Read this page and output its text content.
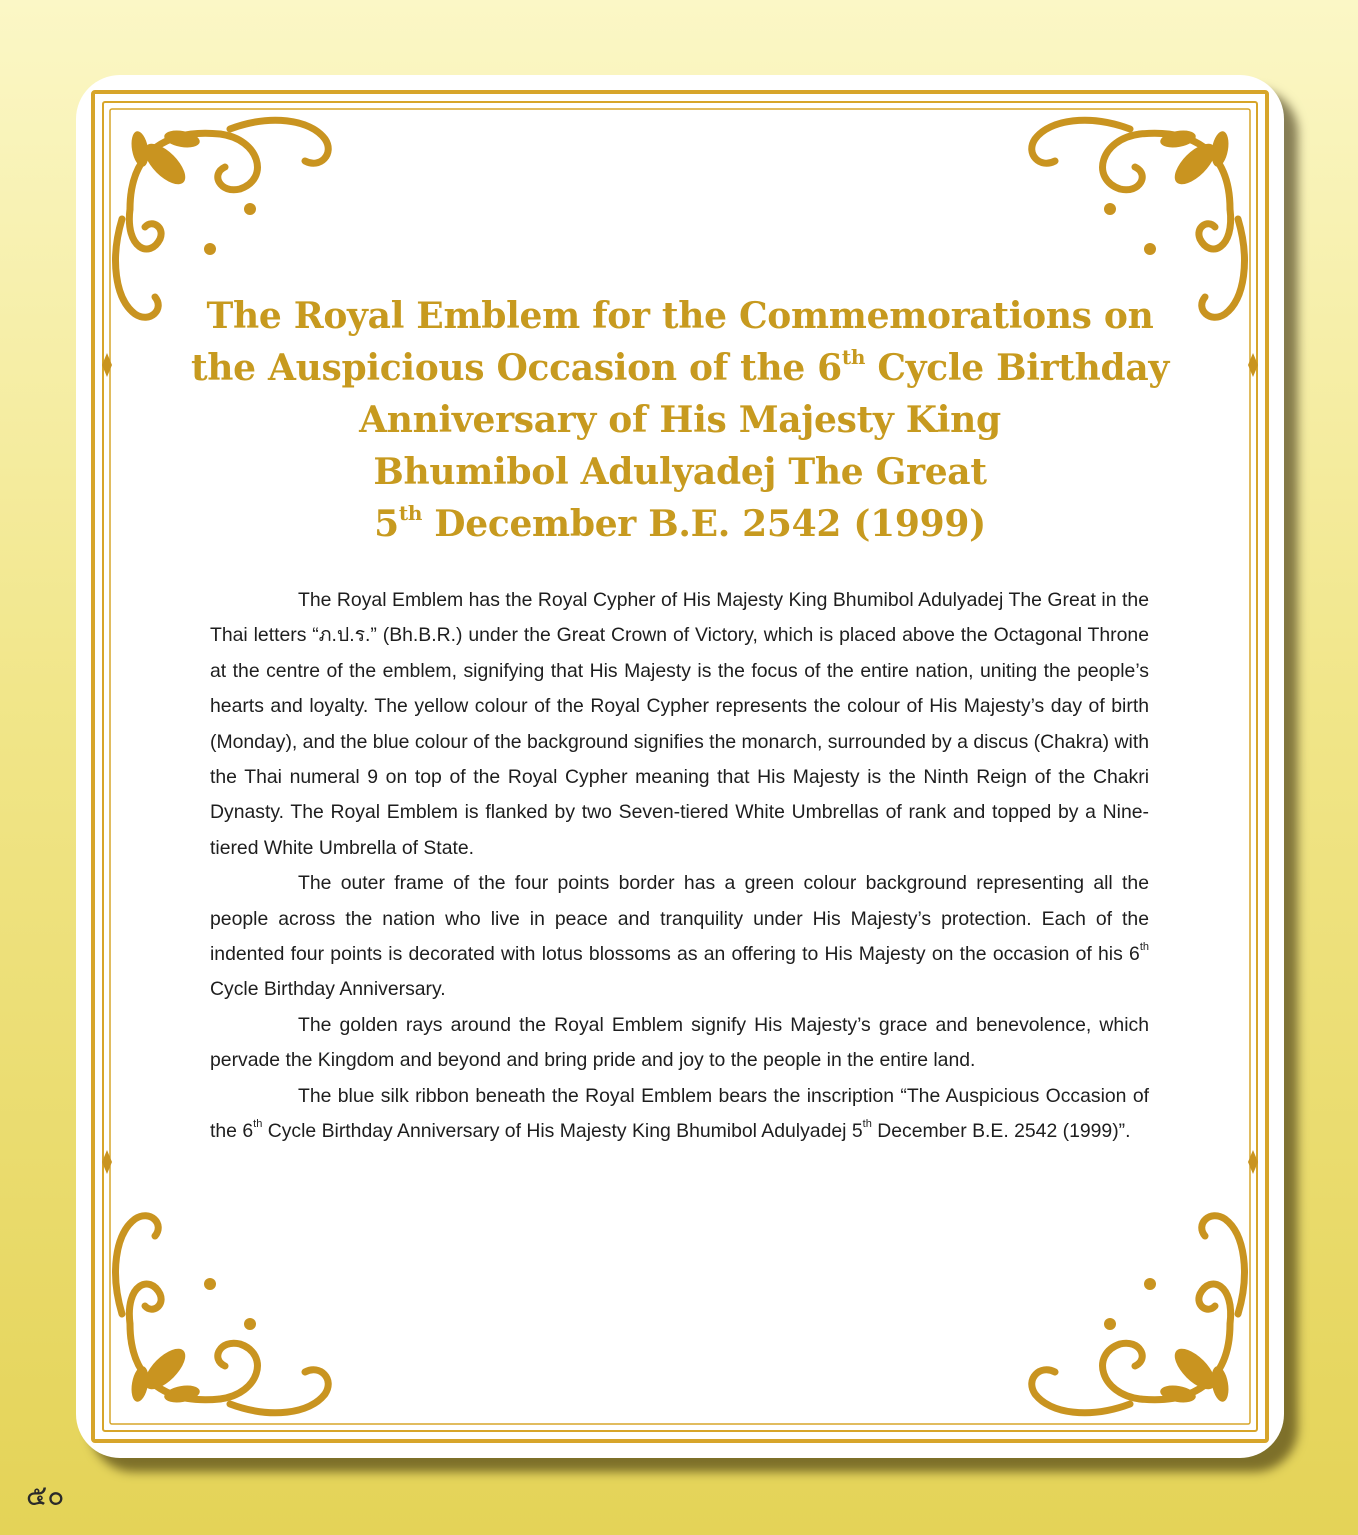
The Royal Emblem for the Commemorations on
the Auspicious Occasion of the 6th Cycle Birthday
Anniversary of His Majesty King
Bhumibol Adulyadej The Great
5th December B.E. 2542 (1999)

The Royal Emblem has the Royal Cypher of His Majesty King Bhumibol Adulyadej The Great in the Thai letters “ภ.ป.ร.” (Bh.B.R.) under the Great Crown of Victory, which is placed above the Octagonal Throne at the centre of the emblem, signifying that His Majesty is the focus of the entire nation, uniting the people’s hearts and loyalty. The yellow colour of the Royal Cypher represents the colour of His Majesty’s day of birth (Monday), and the blue colour of the background signifies the monarch, surrounded by a discus (Chakra) with the Thai numeral 9 on top of the Royal Cypher meaning that His Majesty is the Ninth Reign of the Chakri Dynasty. The Royal Emblem is flanked by two Seven-tiered White Umbrellas of rank and topped by a Nine-tiered White Umbrella of State.

The outer frame of the four points border has a green colour background representing all the people across the nation who live in peace and tranquility under His Majesty’s protection. Each of the indented four points is decorated with lotus blossoms as an offering to His Majesty on the occasion of his 6th Cycle Birthday Anniversary.

The golden rays around the Royal Emblem signify His Majesty’s grace and benevolence, which pervade the Kingdom and beyond and bring pride and joy to the people in the entire land.

The blue silk ribbon beneath the Royal Emblem bears the inscription “The Auspicious Occasion of the 6th Cycle Birthday Anniversary of His Majesty King Bhumibol Adulyadej 5th December B.E. 2542 (1999)”.

๕๐
